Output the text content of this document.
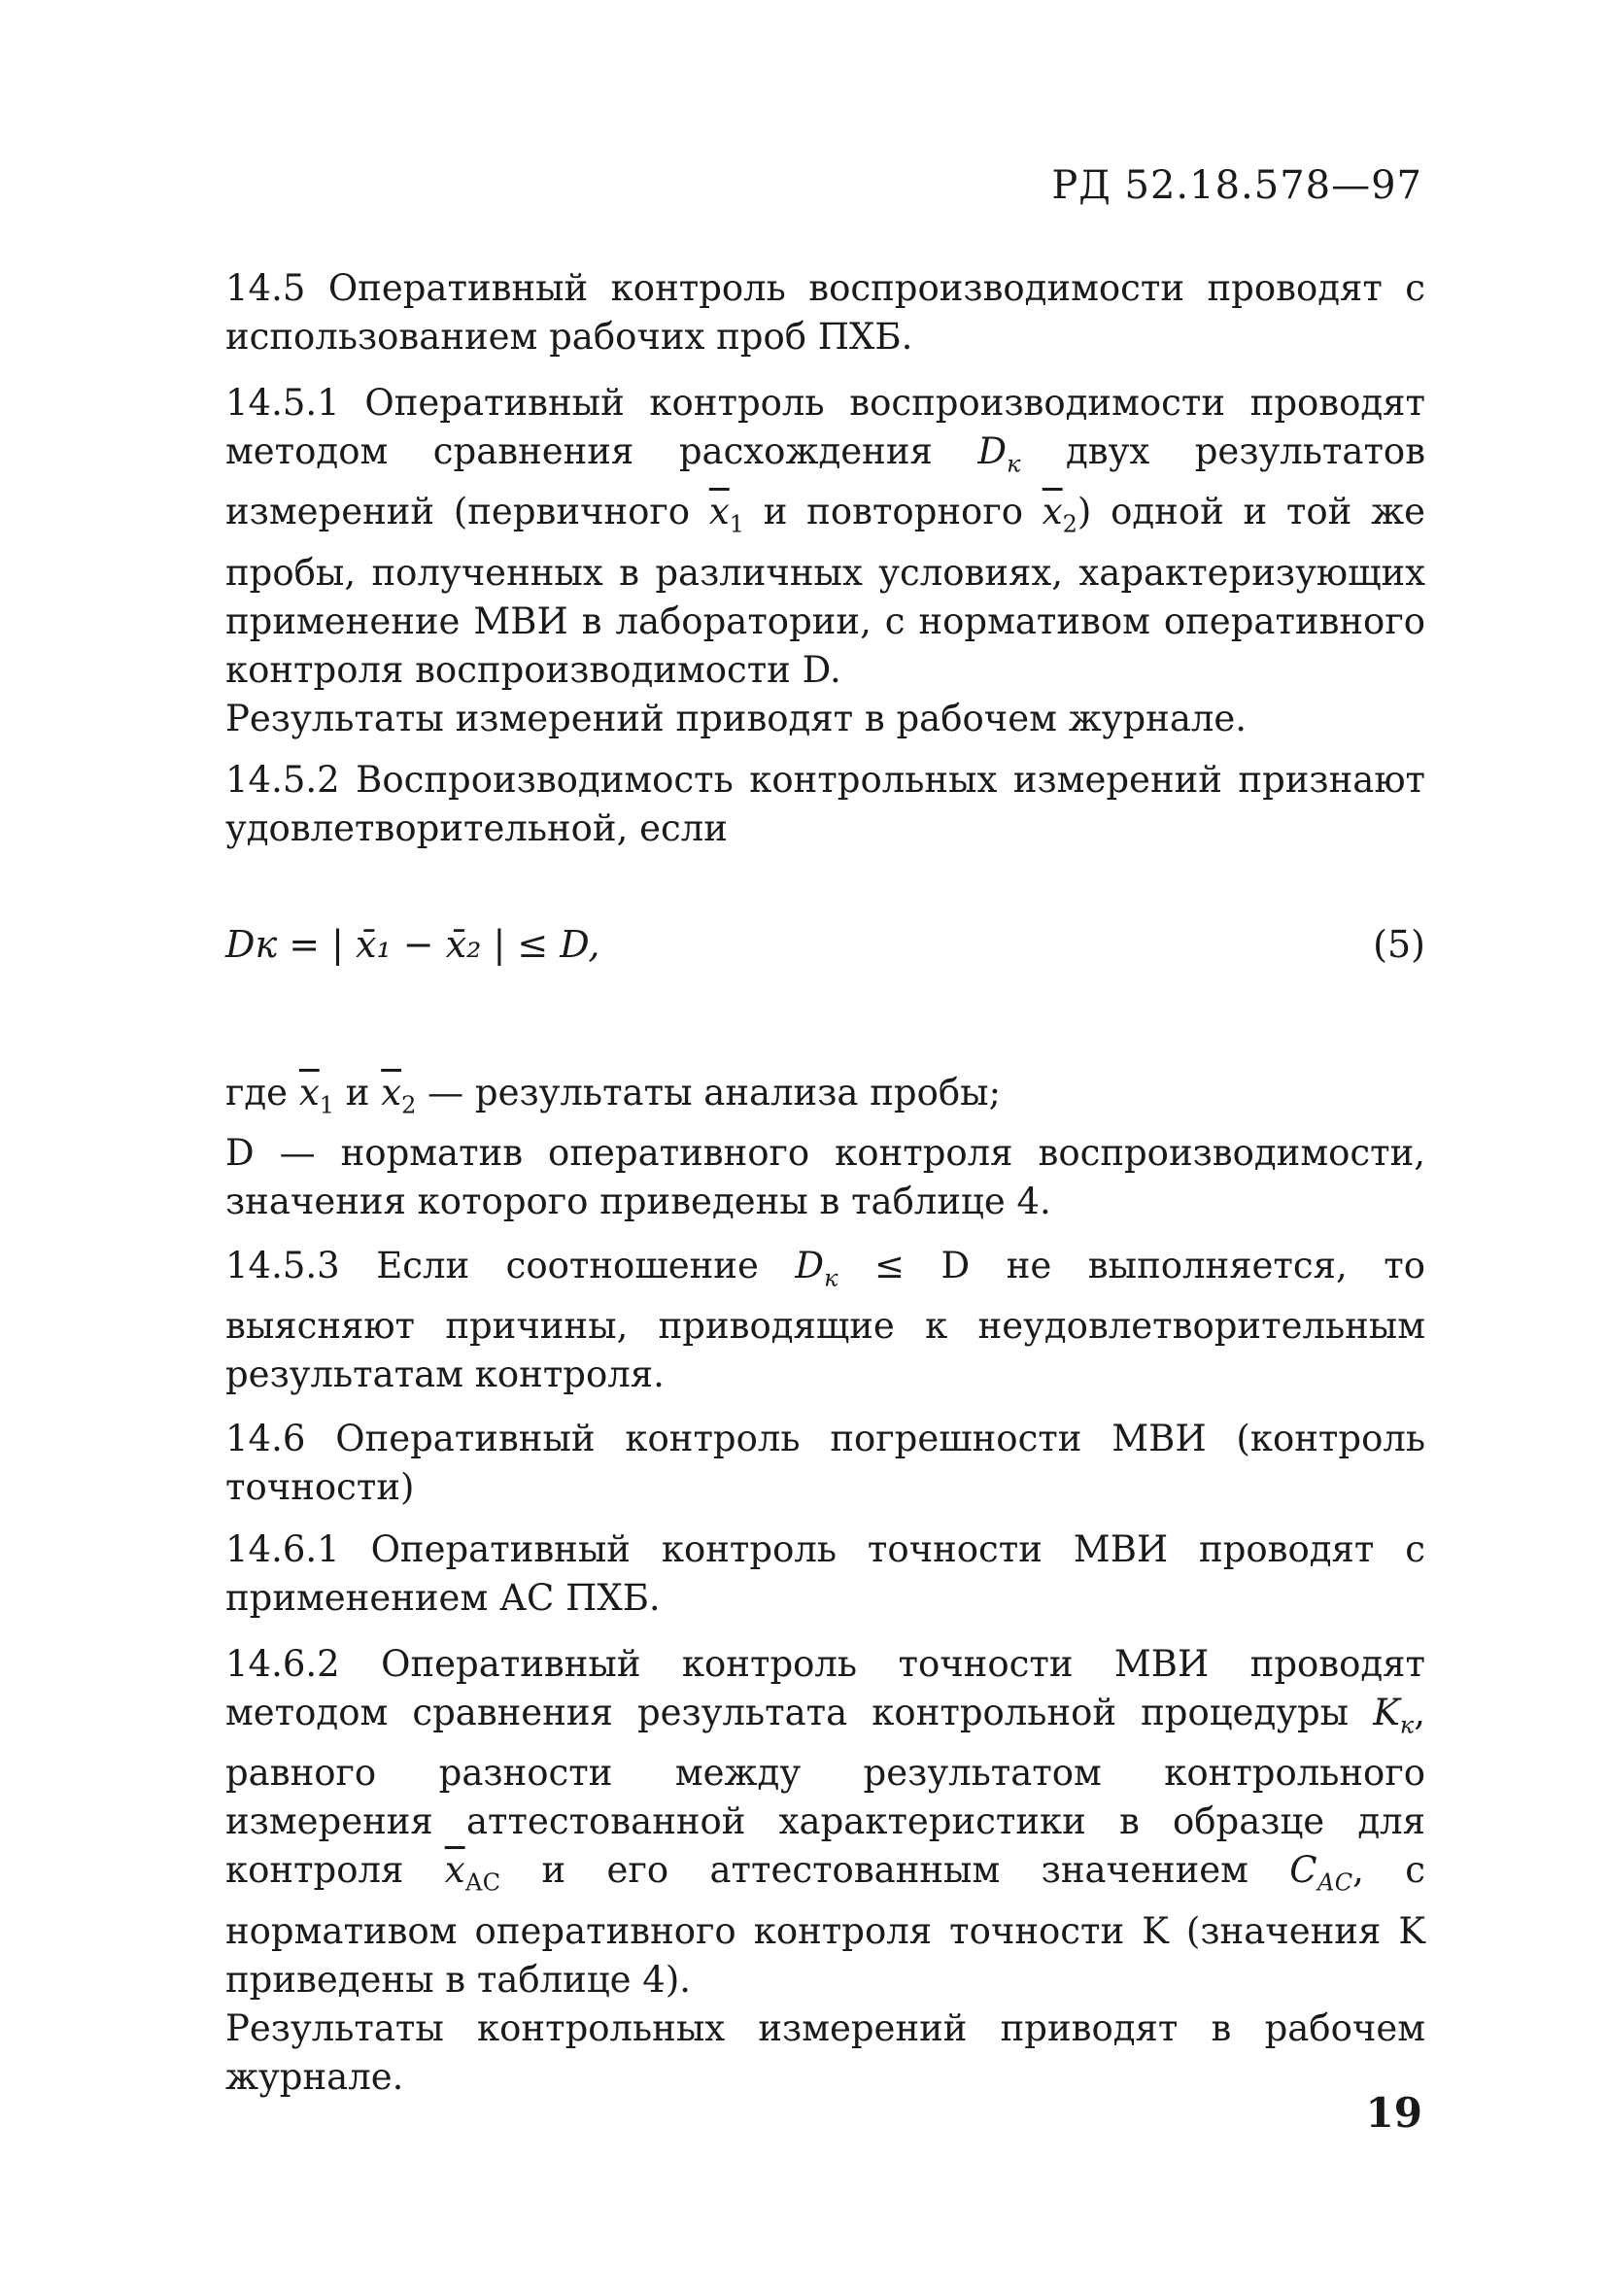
РД 52.18.578—97
14.5 Оперативный контроль воспроизводимости проводят с использованием рабочих проб ПХБ.
14.5.1 Оперативный контроль воспроизводимости проводят методом сравнения расхождения $D_к$ двух результатов измерений (первичного $\overline{x}_1$ и повторного $\overline{x}_2$) одной и той же пробы, полученных в различных условиях, характеризующих применение МВИ в лаборатории, с нормативом оперативного контроля воспроизводимости D.
Результаты измерений приводят в рабочем журнале.
14.5.2 Воспроизводимость контрольных измерений признают удовлетворительной, если
Dк = | x̄₁ − x̄₂ | ≤ D,	(5)
где $\overline{x}_1$ и $\overline{x}_2$ — результаты анализа пробы;
D — норматив оперативного контроля воспроизводимости, значения которого приведены в таблице 4.
14.5.3 Если соотношение $D_к \le D$ не выполняется, то выясняют причины, приводящие к неудовлетворительным результатам контроля.
14.6 Оперативный контроль погрешности МВИ (контроль точности)
14.6.1 Оперативный контроль точности МВИ проводят с применением АС ПХБ.
14.6.2 Оперативный контроль точности МВИ проводят методом сравнения результата контрольной процедуры $K_к$, равного разности между результатом контрольного измерения аттестованной характеристики в образце для контроля $\overline{x}_{АС}$ и его аттестованным значением $C_{АС}$, с нормативом оперативного контроля точности K (значения K приведены в таблице 4).
Результаты контрольных измерений приводят в рабочем журнале.
19
